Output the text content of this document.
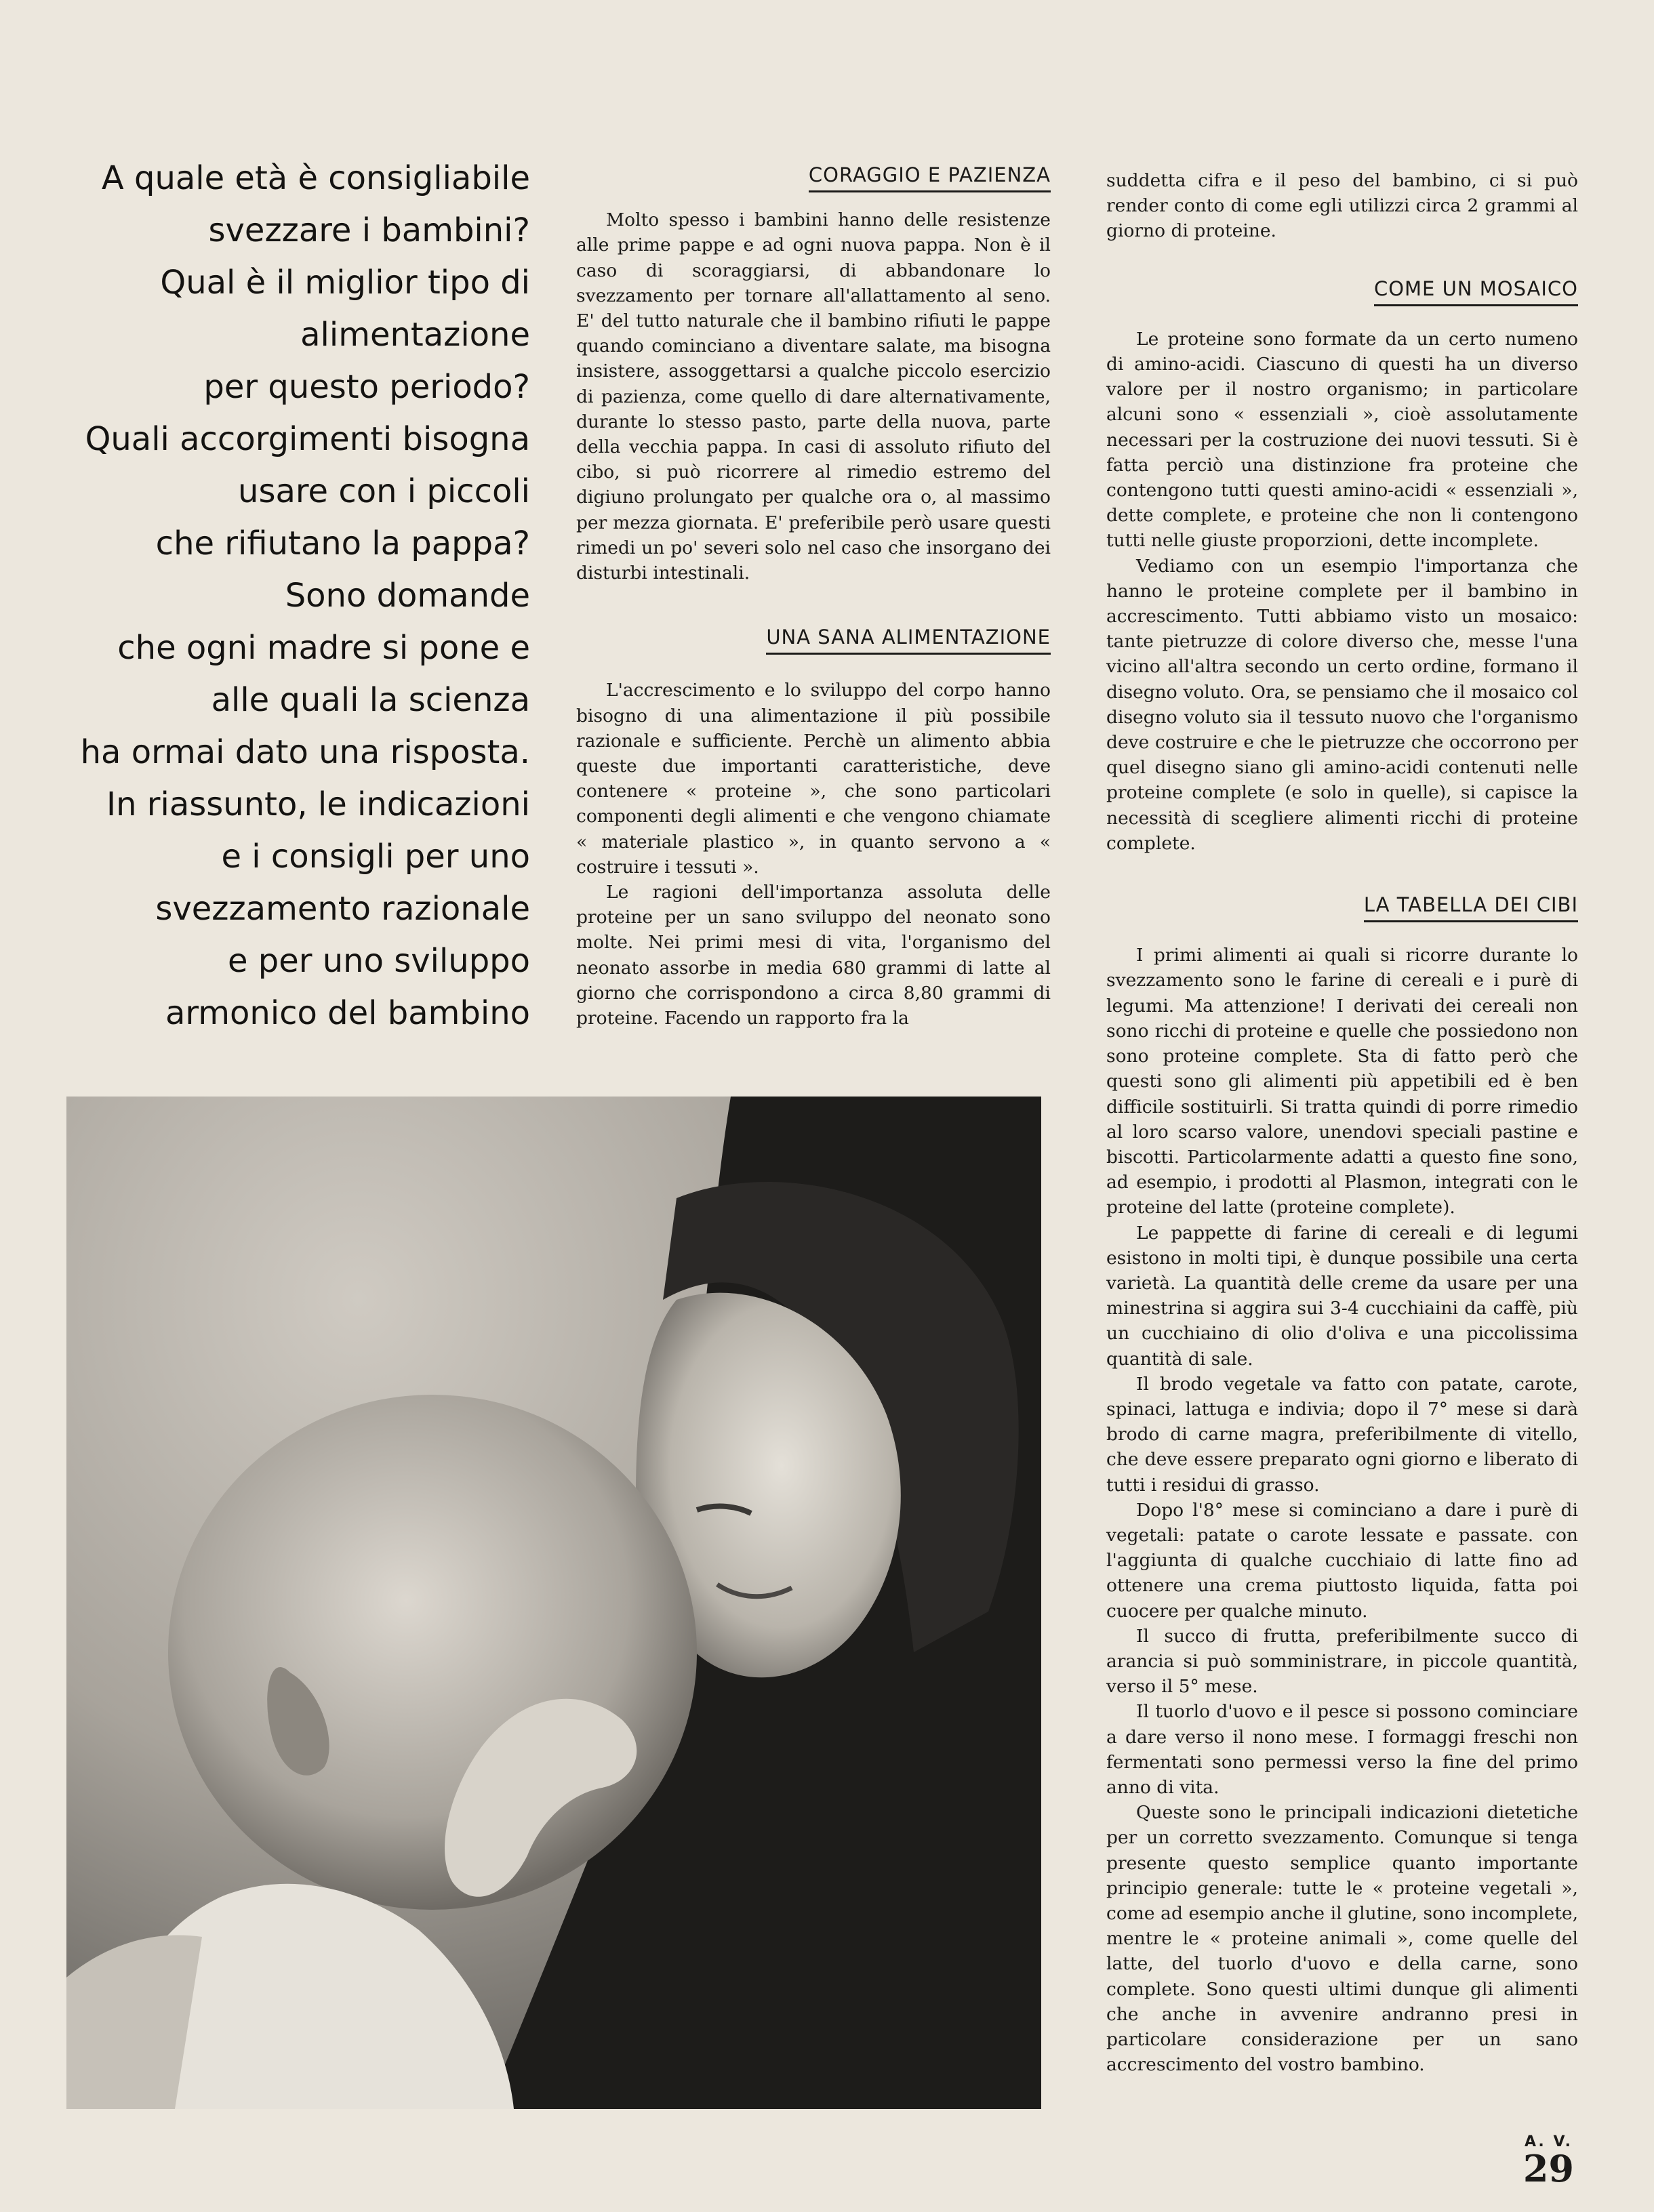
A quale età è consigliabile
svezzare i bambini?
Qual è il miglior tipo di
alimentazione
per questo periodo?
Quali accorgimenti bisogna
usare con i piccoli
che rifiutano la pappa?
Sono domande
che ogni madre si pone e
alle quali la scienza
ha ormai dato una risposta.
In riassunto, le indicazioni
e i consigli per uno
svezzamento razionale
e per uno sviluppo
armonico del bambino

CORAGGIO E PAZIENZA

Molto spesso i bambini hanno delle resistenze alle prime pappe e ad ogni nuova pappa. Non è il caso di scoraggiarsi, di abbandonare lo svezzamento per tornare all'allattamento al seno. E' del tutto naturale che il bambino rifiuti le pappe quando cominciano a diventare salate, ma bisogna insistere, assoggettarsi a qualche piccolo esercizio di pazienza, come quello di dare alternativamente, durante lo stesso pasto, parte della nuova, parte della vecchia pappa. In casi di assoluto rifiuto del cibo, si può ricorrere al rimedio estremo del digiuno prolungato per qualche ora o, al massimo per mezza giornata. E' preferibile però usare questi rimedi un po' severi solo nel caso che insorgano dei disturbi intestinali.

UNA SANA ALIMENTAZIONE

L'accrescimento e lo sviluppo del corpo hanno bisogno di una alimentazione il più possibile razionale e sufficiente. Perchè un alimento abbia queste due importanti caratteristiche, deve contenere « proteine », che sono particolari componenti degli alimenti e che vengono chiamate « materiale plastico », in quanto servono a « costruire i tessuti ».

Le ragioni dell'importanza assoluta delle proteine per un sano sviluppo del neonato sono molte. Nei primi mesi di vita, l'organismo del neonato assorbe in media 680 grammi di latte al giorno che corrispondono a circa 8,80 grammi di proteine. Facendo un rapporto fra la

suddetta cifra e il peso del bambino, ci si può render conto di come egli utilizzi circa 2 grammi al giorno di proteine.

COME UN MOSAICO

Le proteine sono formate da un certo numeno di amino-acidi. Ciascuno di questi ha un diverso valore per il nostro organismo; in particolare alcuni sono « essenziali », cioè assolutamente necessari per la costruzione dei nuovi tessuti. Si è fatta perciò una distinzione fra proteine che contengono tutti questi amino-acidi « essenziali », dette complete, e proteine che non li contengono tutti nelle giuste proporzioni, dette incomplete.

Vediamo con un esempio l'importanza che hanno le proteine complete per il bambino in accrescimento. Tutti abbiamo visto un mosaico: tante pietruzze di colore diverso che, messe l'una vicino all'altra secondo un certo ordine, formano il disegno voluto. Ora, se pensiamo che il mosaico col disegno voluto sia il tessuto nuovo che l'organismo deve costruire e che le pietruzze che occorrono per quel disegno siano gli amino-acidi contenuti nelle proteine complete (e solo in quelle), si capisce la necessità di scegliere alimenti ricchi di proteine complete.

LA TABELLA DEI CIBI

I primi alimenti ai quali si ricorre durante lo svezzamento sono le farine di cereali e i purè di legumi. Ma attenzione! I derivati dei cereali non sono ricchi di proteine e quelle che possiedono non sono proteine complete. Sta di fatto però che questi sono gli alimenti più appetibili ed è ben difficile sostituirli. Si tratta quindi di porre rimedio al loro scarso valore, unendovi speciali pastine e biscotti. Particolarmente adatti a questo fine sono, ad esempio, i prodotti al Plasmon, integrati con le proteine del latte (proteine complete).

Le pappette di farine di cereali e di legumi esistono in molti tipi, è dunque possibile una certa varietà. La quantità delle creme da usare per una minestrina si aggira sui 3-4 cucchiaini da caffè, più un cucchiaino di olio d'oliva e una piccolissima quantità di sale.

Il brodo vegetale va fatto con patate, carote, spinaci, lattuga e indivia; dopo il 7° mese si darà brodo di carne magra, preferibilmente di vitello, che deve essere preparato ogni giorno e liberato di tutti i residui di grasso.

Dopo l'8° mese si cominciano a dare i purè di vegetali: patate o carote lessate e passate. con l'aggiunta di qualche cucchiaio di latte fino ad ottenere una crema piuttosto liquida, fatta poi cuocere per qualche minuto.

Il succo di frutta, preferibilmente succo di arancia si può somministrare, in piccole quantità, verso il 5° mese.

Il tuorlo d'uovo e il pesce si possono cominciare a dare verso il nono mese. I formaggi freschi non fermentati sono permessi verso la fine del primo anno di vita.

Queste sono le principali indicazioni dietetiche per un corretto svezzamento. Comunque si tenga presente questo semplice quanto importante principio generale: tutte le « proteine vegetali », come ad esempio anche il glutine, sono incomplete, mentre le « proteine animali », come quelle del latte, del tuorlo d'uovo e della carne, sono complete. Sono questi ultimi dunque gli alimenti che anche in avvenire andranno presi in particolare considerazione per un sano accrescimento del vostro bambino.

A. V.
29
